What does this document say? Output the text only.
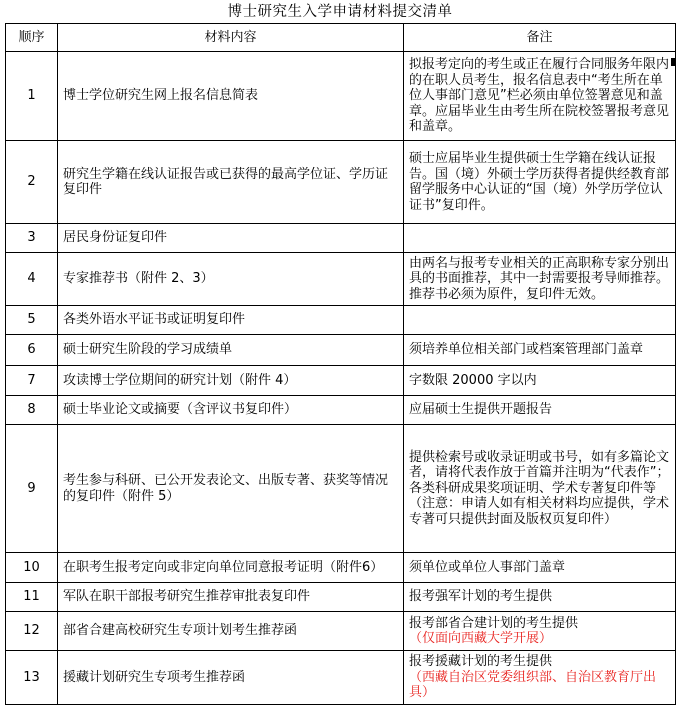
博士研究生入学申请材料提交清单
顺序	材料内容	备注
1	博士学位研究生网上报名信息简表	拟报考定向的考生或正在履行合同服务年限内的在职人员考生，报名信息表中“考生所在单位人事部门意见”栏必须由单位签署意见和盖章。应届毕业生由考生所在院校签署报考意见和盖章。
2	研究生学籍在线认证报告或已获得的最高学位证、学历证复印件	硕士应届毕业生提供硕士生学籍在线认证报告。国（境）外硕士学历获得者提供经教育部留学服务中心认证的“国（境）外学历学位认证书”复印件。
3	居民身份证复印件	
4	专家推荐书（附件 2、3）	由两名与报考专业相关的正高职称专家分别出具的书面推荐，其中一封需要报考导师推荐。推荐书必须为原件，复印件无效。
5	各类外语水平证书或证明复印件	
6	硕士研究生阶段的学习成绩单	须培养单位相关部门或档案管理部门盖章
7	攻读博士学位期间的研究计划（附件 4）	字数限 20000 字以内
8	硕士毕业论文或摘要（含评议书复印件）	应届硕士生提供开题报告
9	考生参与科研、已公开发表论文、出版专著、获奖等情况的复印件（附件 5）	提供检索号或收录证明或书号，如有多篇论文者，请将代表作放于首篇并注明为“代表作”；各类科研成果奖项证明、学术专著复印件等（注意：申请人如有相关材料均应提供，学术专著可只提供封面及版权页复印件）
10	在职考生报考定向或非定向单位同意报考证明（附件6）	须单位或单位人事部门盖章
11	军队在职干部报考研究生推荐审批表复印件	报考强军计划的考生提供
12	部省合建高校研究生专项计划考生推荐函	报考部省合建计划的考生提供
（仅面向西藏大学开展）

13	援藏计划研究生专项考生推荐函	报考援藏计划的考生提供
（西藏自治区党委组织部、自治区教育厅出具）
